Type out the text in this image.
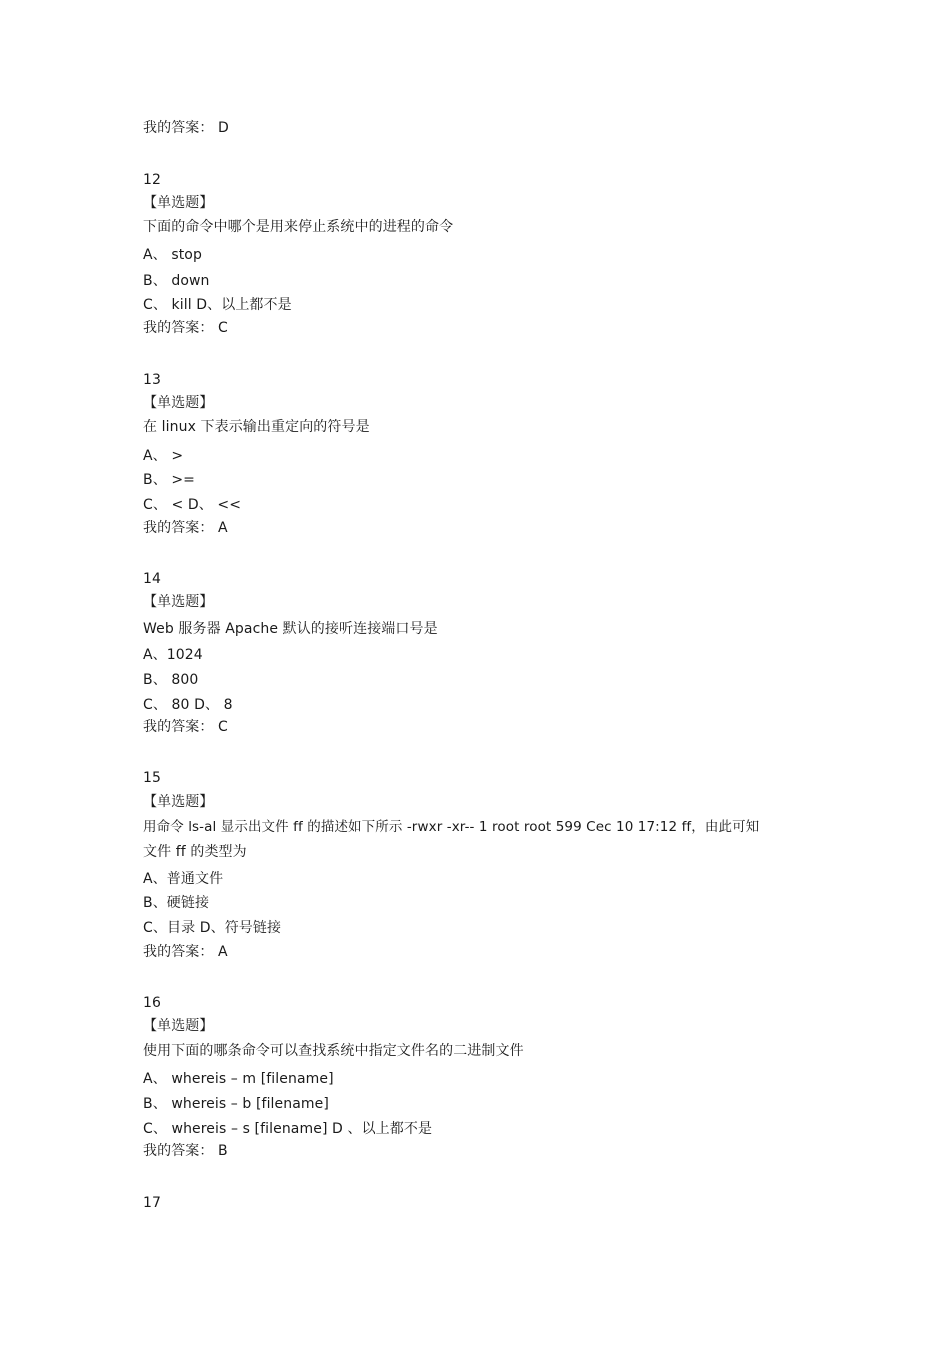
我的答案： D
12
【单选题】
下面的命令中哪个是用来停止系统中的进程的命令
A、 stop
B、 down
C、 kill D、以上都不是
我的答案： C
13
【单选题】
在 linux 下表示输出重定向的符号是
A、 >
B、 >=
C、 < D、 <<
我的答案： A
14
【单选题】
Web 服务器 Apache 默认的接听连接端口号是
A、1024
B、 800
C、 80 D、 8
我的答案： C
15
【单选题】
用命令 ls-al 显示出文件 ff 的描述如下所示 -rwxr -xr-- 1 root root 599 Cec 10 17:12 ff，由此可知
文件 ff 的类型为
A、普通文件
B、硬链接
C、目录 D、符号链接
我的答案： A
16
【单选题】
使用下面的哪条命令可以查找系统中指定文件名的二进制文件
A、 whereis – m [filename]
B、 whereis – b [filename]
C、 whereis – s [filename] D 、以上都不是
我的答案： B
17
